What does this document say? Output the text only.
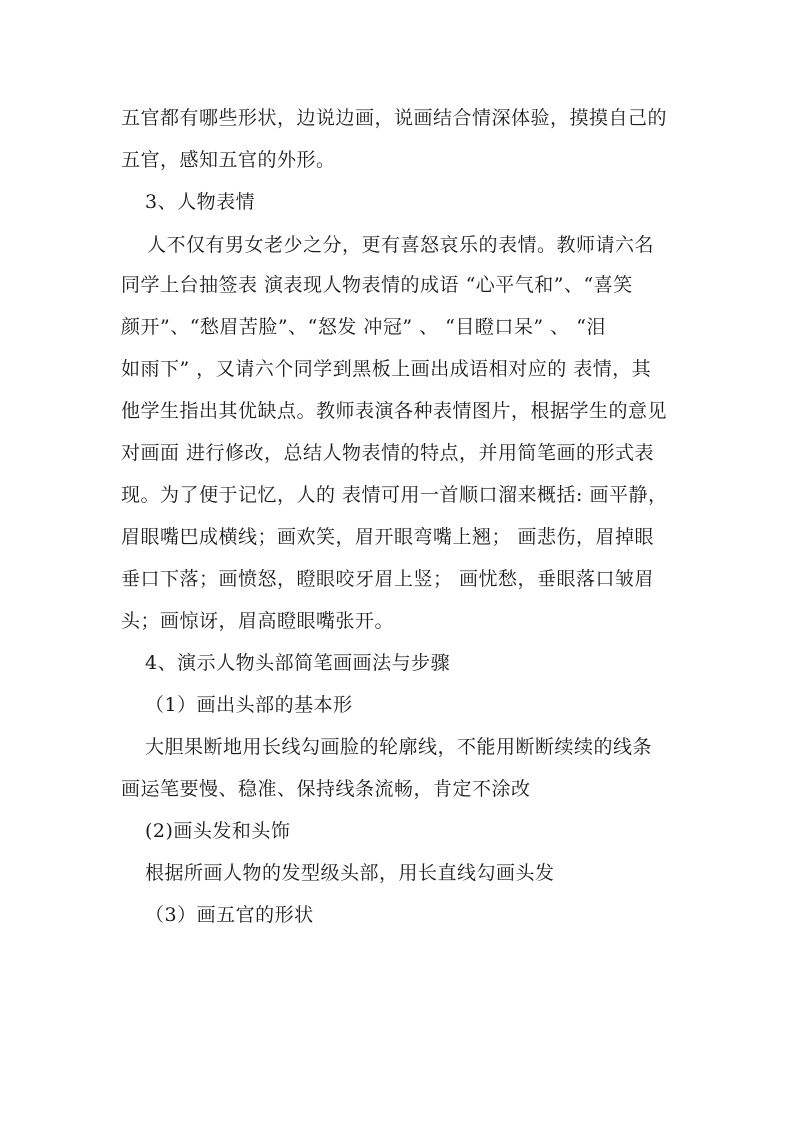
五官都有哪些形状，边说边画，说画结合情深体验，摸摸自己的
五官，感知五官的外形。
3、人物表情
人不仅有男女老少之分，更有喜怒哀乐的表情。教师请六名
同学上台抽签表 演表现人物表情的成语 “心平气和”、“喜笑
颜开”、“愁眉苦脸”、“怒发 冲冠” 、 “目瞪口呆” 、 “泪
如雨下” ，又请六个同学到黑板上画出成语相对应的 表情，其
他学生指出其优缺点。教师表演各种表情图片，根据学生的意见
对画面 进行修改，总结人物表情的特点，并用简笔画的形式表
现。为了便于记忆，人的 表情可用一首顺口溜来概括: 画平静，
眉眼嘴巴成横线；画欢笑，眉开眼弯嘴上翘； 画悲伤，眉掉眼
垂口下落；画愤怒，瞪眼咬牙眉上竖； 画忧愁，垂眼落口皱眉
头；画惊讶，眉高瞪眼嘴张开。
4、演示人物头部简笔画画法与步骤
（1）画出头部的基本形
大胆果断地用长线勾画脸的轮廓线，不能用断断续续的线条
画运笔要慢、稳准、保持线条流畅，肯定不涂改
(2)画头发和头饰
根据所画人物的发型级头部，用长直线勾画头发
（3）画五官的形状
